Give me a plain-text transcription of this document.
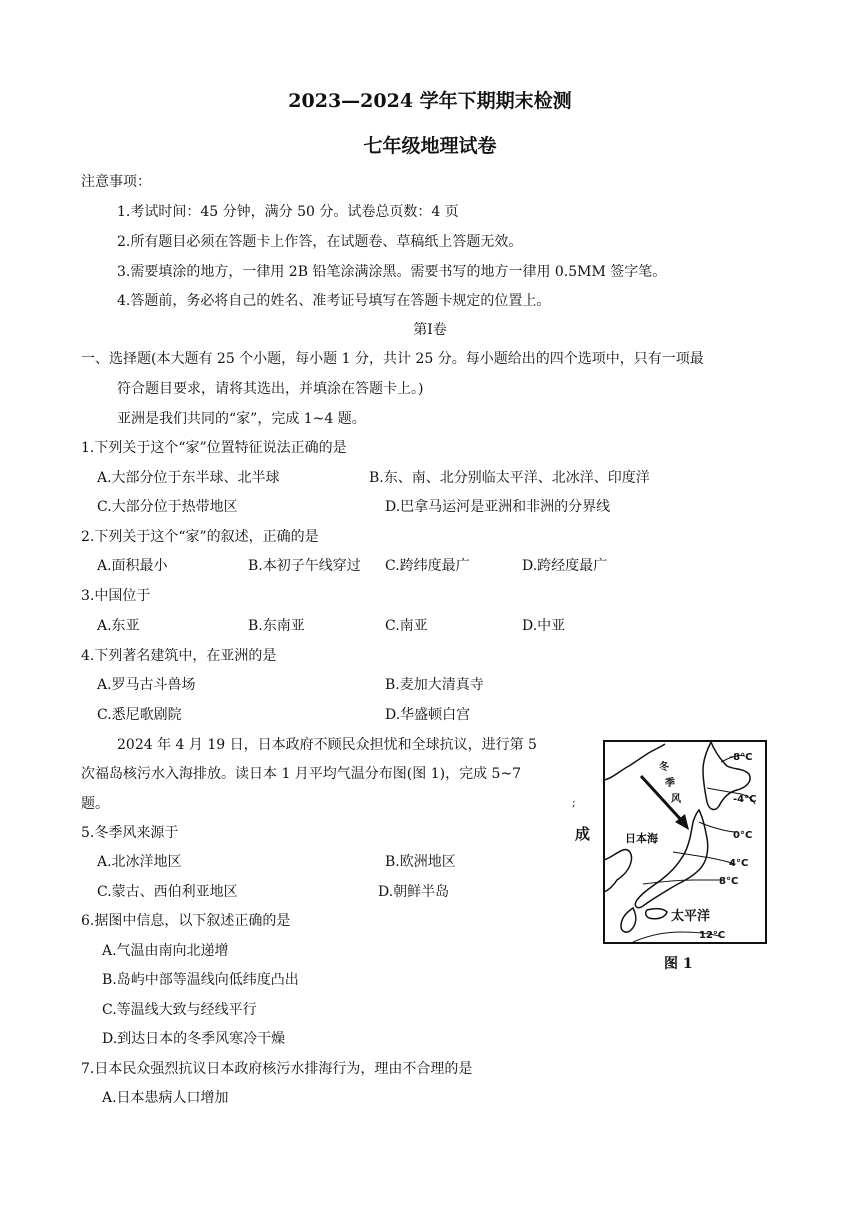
2023—2024 学年下期期末检测
七年级地理试卷
注意事项：
1.考试时间：45 分钟，满分 50 分。试卷总页数：4 页
2.所有题目必须在答题卡上作答，在试题卷、草稿纸上答题无效。
3.需要填涂的地方，一律用 2B 铅笔涂满涂黑。需要书写的地方一律用 0.5MM 签字笔。
4.答题前，务必将自己的姓名、准考证号填写在答题卡规定的位置上。
第Ⅰ卷
一、选择题(本大题有 25 个小题，每小题 1 分，共计 25 分。每小题给出的四个选项中，只有一项最
符合题目要求，请将其选出，并填涂在答题卡上。)
亚洲是我们共同的“家”，完成 1~4 题。
1.下列关于这个“家”位置特征说法正确的是
A.大部分位于东半球、北半球	B.东、南、北分别临太平洋、北冰洋、印度洋
C.大部分位于热带地区	D.巴拿马运河是亚洲和非洲的分界线
2.下列关于这个“家”的叙述，正确的是
A.面积最小	B.本初子午线穿过 C.跨纬度最广	D.跨经度最广
3.中国位于
A.东亚	B.东南亚	C.南亚	D.中亚
4.下列著名建筑中，在亚洲的是
A.罗马古斗兽场	B.麦加大清真寺
C.悉尼歌剧院	D.华盛顿白宫
2024 年 4 月 19 日，日本政府不顾民众担忧和全球抗议，进行第 5
次福岛核污水入海排放。读日本 1 月平均气温分布图(图 1)，完成 5~7
题。
5.冬季风来源于
A.北冰洋地区	B.欧洲地区
C.蒙古、西伯利亚地区	D.朝鲜半岛
6.据图中信息，以下叙述正确的是
A.气温由南向北递增
B.岛屿中部等温线向低纬度凸出
C.等温线大致与经线平行
D.到达日本的冬季风寒冷干燥
7.日本民众强烈抗议日本政府核污水排海行为，理由不合理的是
A.日本患病人口增加
;
成
冬
季
风
日本海
太平洋
-8°C
-4°C
0°C
4°C
8°C
12°C
图 1
